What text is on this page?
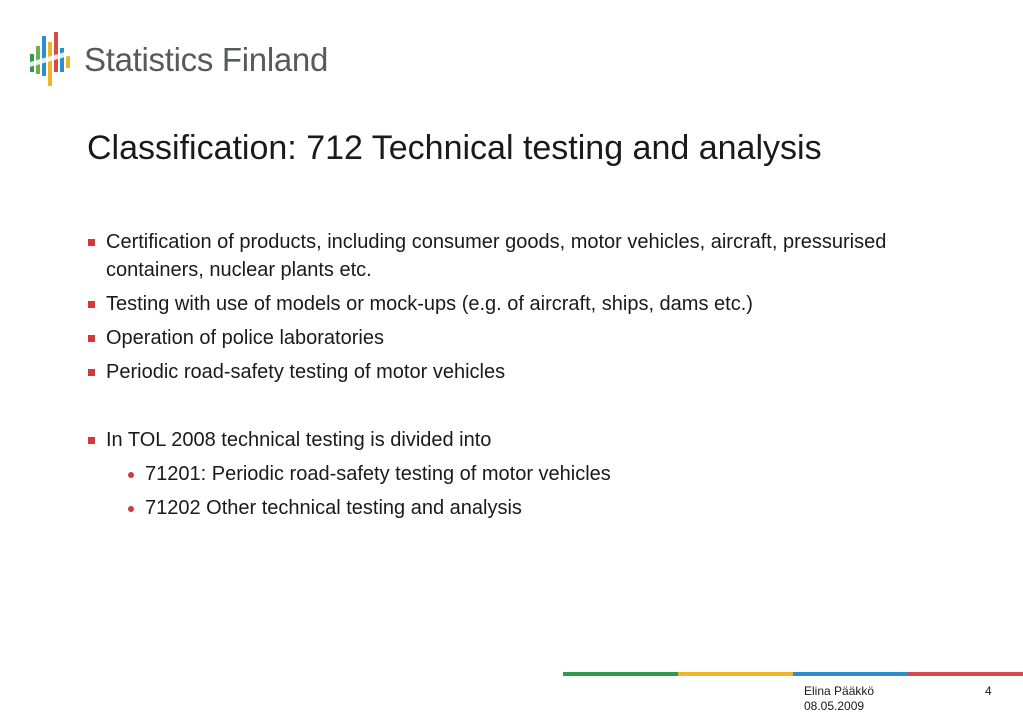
Statistics Finland
Classification: 712 Technical testing and analysis
Certification of products, including consumer goods, motor vehicles, aircraft, pressurised containers, nuclear plants etc.
Testing with use of models or mock-ups (e.g. of aircraft, ships, dams etc.)
Operation of police laboratories
Periodic road-safety testing of motor vehicles
In TOL 2008 technical testing is divided into
71201: Periodic road-safety testing of motor vehicles
71202 Other technical testing and analysis
Elina Pääkkö
08.05.2009
4
